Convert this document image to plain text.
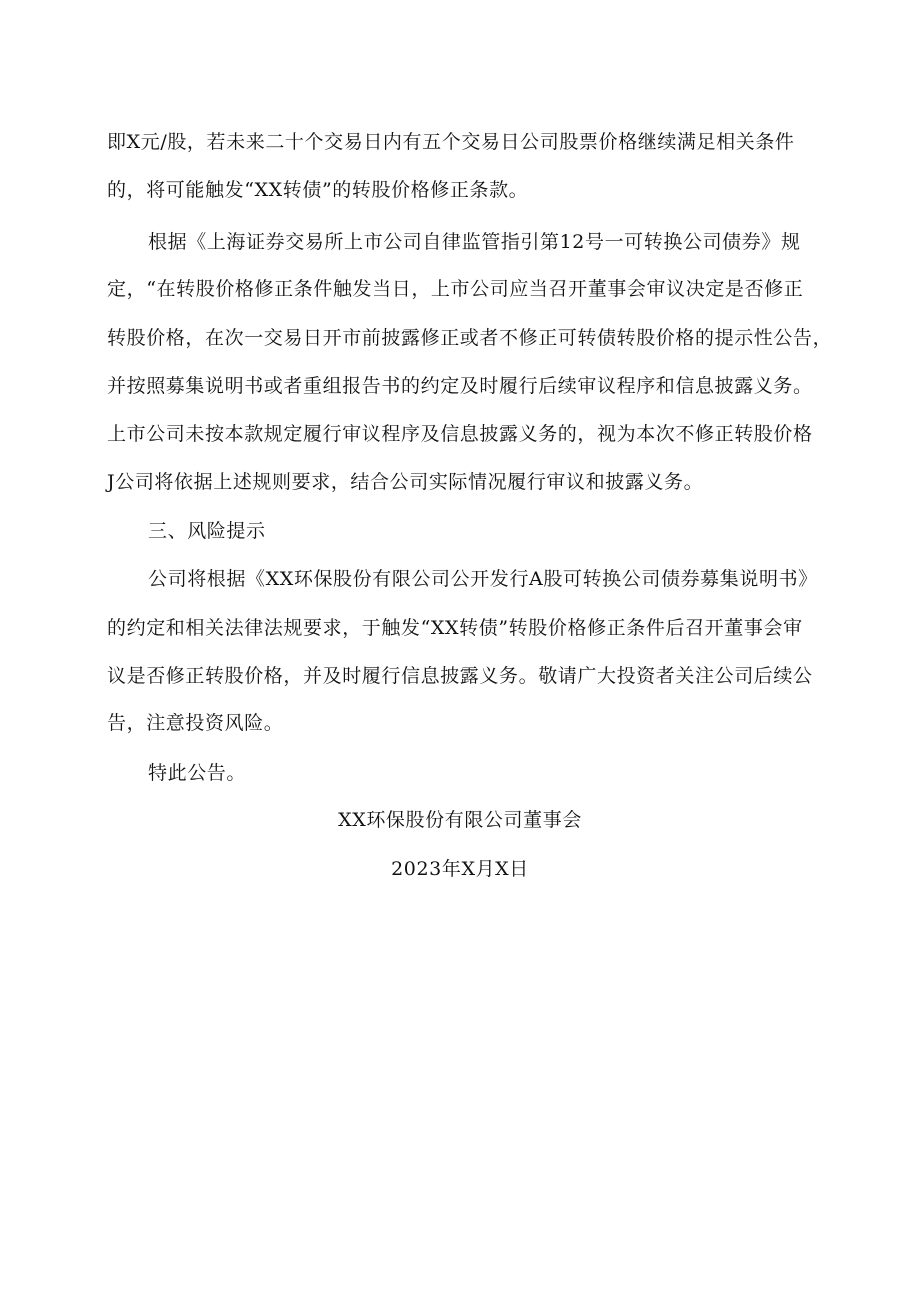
即X元/股，若未来二十个交易日内有五个交易日公司股票价格继续满足相关条件
的，将可能触发“XX转债”的转股价格修正条款。
根据《上海证券交易所上市公司自律监管指引第12号一可转换公司债券》规
定，“在转股价格修正条件触发当日，上市公司应当召开董事会审议决定是否修正
转股价格，在次一交易日开市前披露修正或者不修正可转债转股价格的提示性公告，
并按照募集说明书或者重组报告书的约定及时履行后续审议程序和信息披露义务。
上市公司未按本款规定履行审议程序及信息披露义务的，视为本次不修正转股价格
J公司将依据上述规则要求，结合公司实际情况履行审议和披露义务。
三、风险提示
公司将根据《XX环保股份有限公司公开发行A股可转换公司债券募集说明书》
的约定和相关法律法规要求，于触发“XX转债”转股价格修正条件后召开董事会审
议是否修正转股价格，并及时履行信息披露义务。敬请广大投资者关注公司后续公
告，注意投资风险。
特此公告。
XX环保股份有限公司董事会
2023年X月X日
